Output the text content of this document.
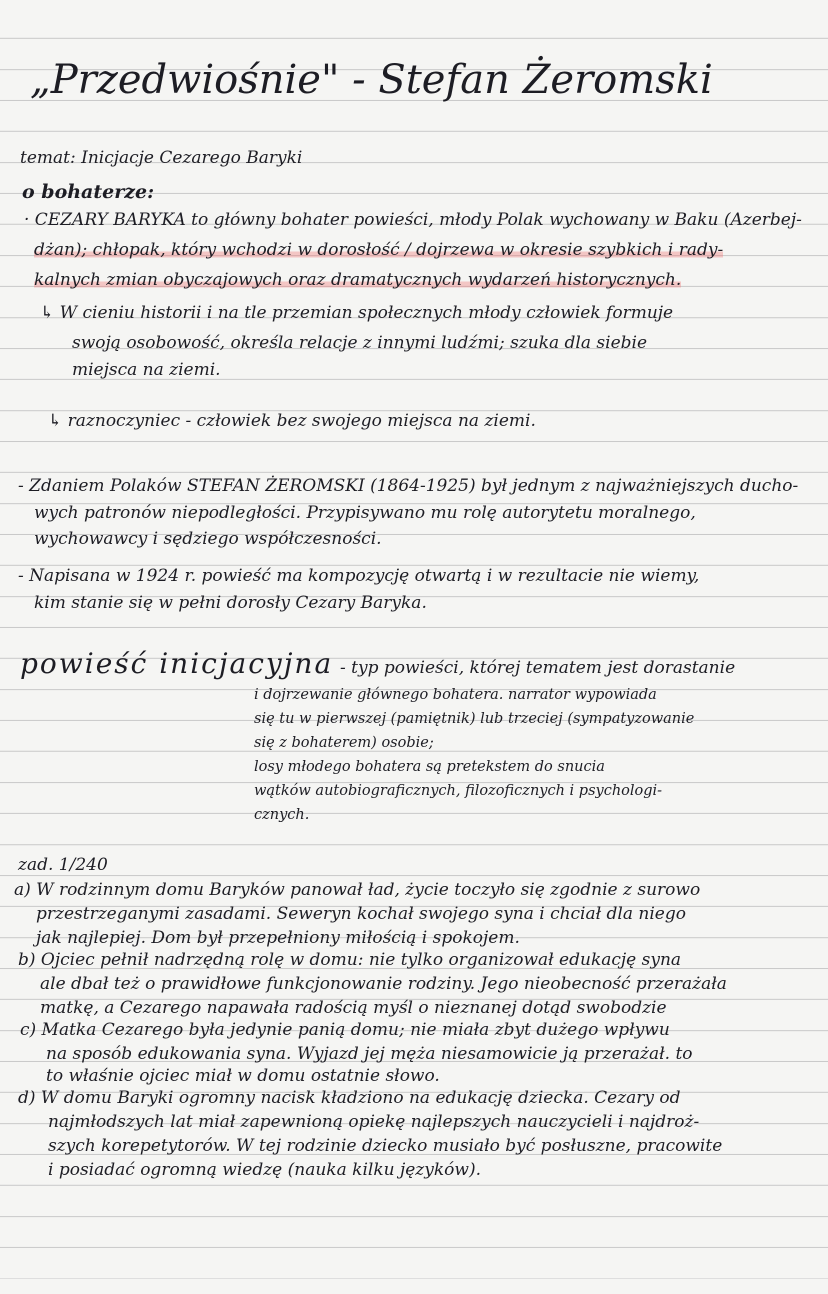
„Przedwiośnie" - Stefan Żeromski
temat: Inicjacje Cezarego Baryki
o bohaterze:
· CEZARY BARYKA to główny bohater powieści, młody Polak wychowany w Baku (Azerbej-
dżan); chłopak, który wchodzi w dorosłość / dojrzewa w okresie szybkich i rady-
kalnych zmian obyczajowych oraz dramatycznych wydarzeń historycznych.
↳ W cieniu historii i na tle przemian społecznych młody człowiek formuje
swoją osobowość, określa relacje z innymi ludźmi; szuka dla siebie
miejsca na ziemi.
↳ raznoczyniec - człowiek bez swojego miejsca na ziemi.
- Zdaniem Polaków STEFAN ŻEROMSKI (1864-1925) był jednym z najważniejszych ducho-
wych patronów niepodległości. Przypisywano mu rolę autorytetu moralnego,
wychowawcy i sędziego współczesności.
- Napisana w 1924 r. powieść ma kompozycję otwartą i w rezultacie nie wiemy,
kim stanie się w pełni dorosły Cezary Baryka.
powieść inicjacyjna - typ powieści, której tematem jest dorastanie
i dojrzewanie głównego bohatera. narrator wypowiada
się tu w pierwszej (pamiętnik) lub trzeciej (sympatyzowanie
się z bohaterem) osobie;
losy młodego bohatera są pretekstem do snucia
wątków autobiograficznych, filozoficznych i psychologi-
cznych.
zad. 1/240
a) W rodzinnym domu Baryków panował ład, życie toczyło się zgodnie z surowo
przestrzeganymi zasadami. Seweryn kochał swojego syna i chciał dla niego
jak najlepiej. Dom był przepełniony miłością i spokojem.
b) Ojciec pełnił nadrzędną rolę w domu: nie tylko organizował edukację syna
ale dbał też o prawidłowe funkcjonowanie rodziny. Jego nieobecność przerażała
matkę, a Cezarego napawała radością myśl o nieznanej dotąd swobodzie
c) Matka Cezarego była jedynie panią domu; nie miała zbyt dużego wpływu
na sposób edukowania syna. Wyjazd jej męża niesamowicie ją przerażał. to
to właśnie ojciec miał w domu ostatnie słowo.
d) W domu Baryki ogromny nacisk kładziono na edukację dziecka. Cezary od
najmłodszych lat miał zapewnioną opiekę najlepszych nauczycieli i najdroż-
szych korepetytorów. W tej rodzinie dziecko musiało być posłuszne, pracowite
i posiadać ogromną wiedzę (nauka kilku języków).
